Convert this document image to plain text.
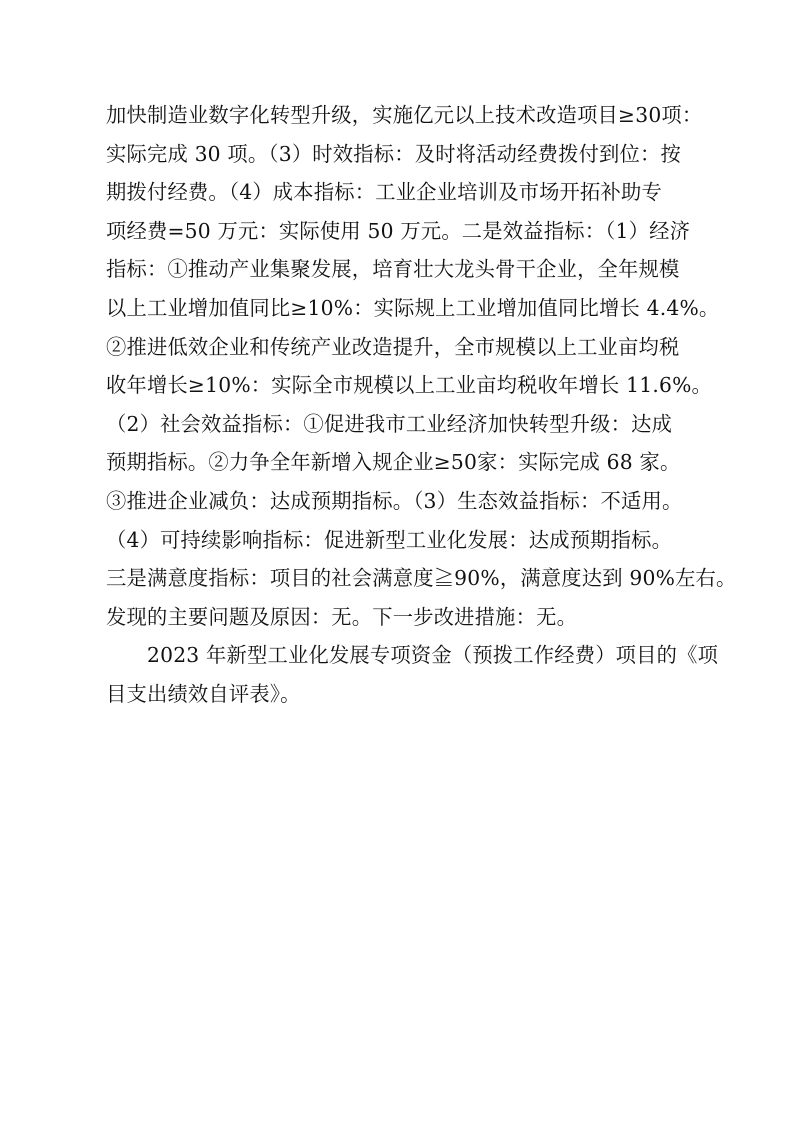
加快制造业数字化转型升级，实施亿元以上技术改造项目≥30项：
实际完成 30 项。（3）时效指标：及时将活动经费拨付到位：按
期拨付经费。（4）成本指标：工业企业培训及市场开拓补助专
项经费=50 万元：实际使用 50 万元。二是效益指标：（1）经济
指标：①推动产业集聚发展，培育壮大龙头骨干企业，全年规模
以上工业增加值同比≥10%：实际规上工业增加值同比增长 4.4%。
②推进低效企业和传统产业改造提升，全市规模以上工业亩均税
收年增长≥10%：实际全市规模以上工业亩均税收年增长 11.6%。
（2）社会效益指标：①促进我市工业经济加快转型升级：达成
预期指标。②力争全年新增入规企业≥50家：实际完成 68 家。
③推进企业减负：达成预期指标。（3）生态效益指标：不适用。
（4）可持续影响指标：促进新型工业化发展：达成预期指标。
三是满意度指标：项目的社会满意度≧90%，满意度达到 90%左右。
发现的主要问题及原因：无。下一步改进措施：无。
2023 年新型工业化发展专项资金（预拨工作经费）项目的《项
目支出绩效自评表》。
